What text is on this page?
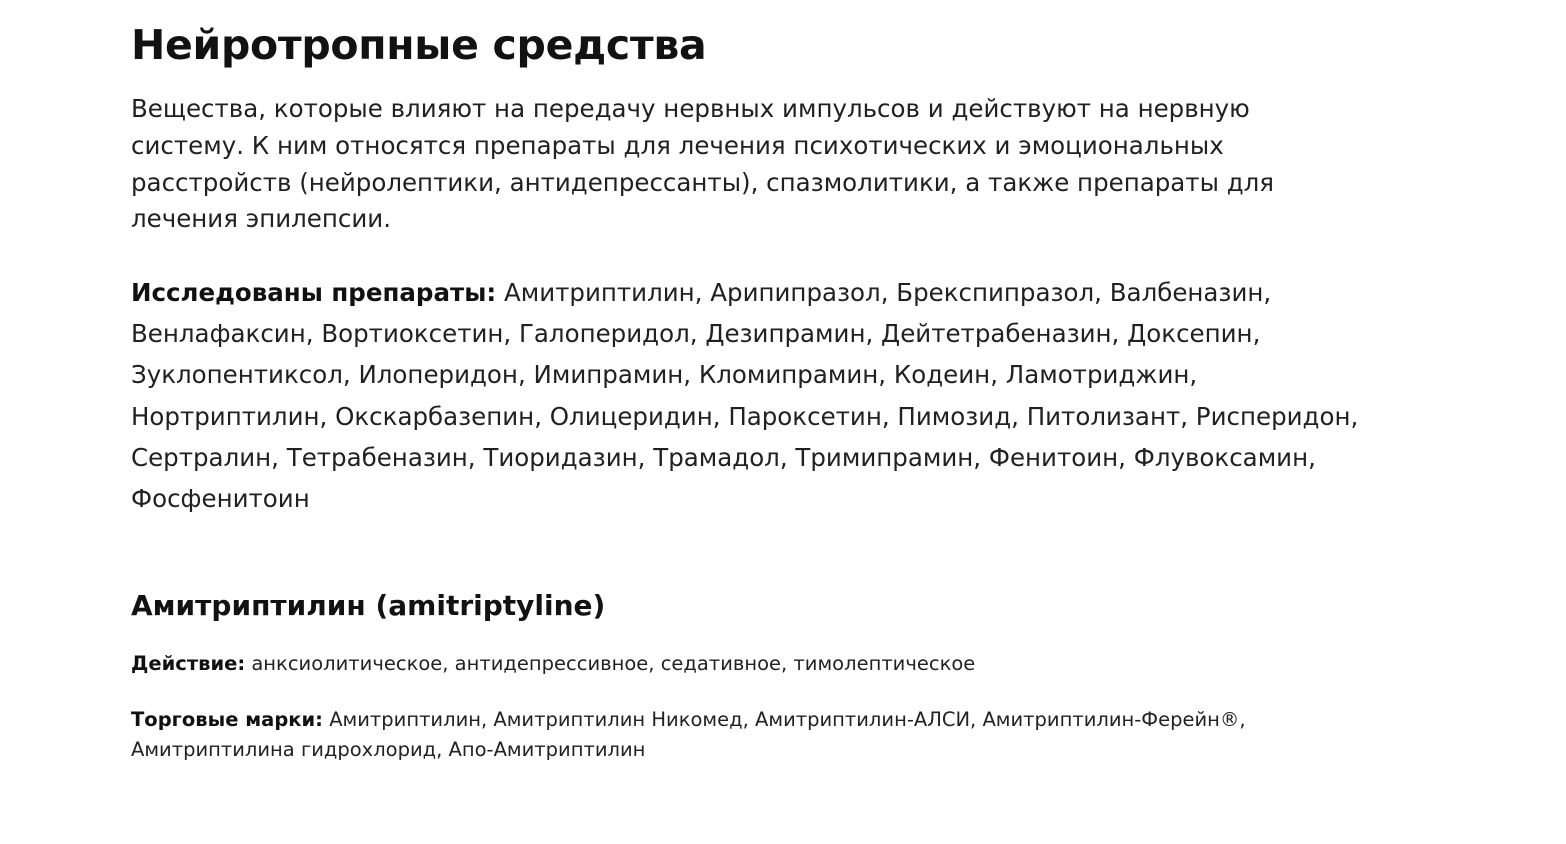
Нейротропные средства

Вещества, которые влияют на передачу нервных импульсов и действуют на нервную систему. К ним относятся препараты для лечения психотических и эмоциональных расстройств (нейролептики, антидепрессанты), спазмолитики, а также препараты для лечения эпилепсии.

Исследованы препараты: Амитриптилин, Арипипразол, Брекспипразол, Валбеназин, Венлафаксин, Вортиоксетин, Галоперидол, Дезипрамин, Дейтетрабеназин, Доксепин, Зуклопентиксол, Илоперидон, Имипрамин, Кломипрамин, Кодеин, Ламотриджин, Нортриптилин, Окскарбазепин, Олицеридин, Пароксетин, Пимозид, Питолизант, Рисперидон, Сертралин, Тетрабеназин, Тиоридазин, Трамадол, Тримипрамин, Фенитоин, Флувоксамин, Фосфенитоин

Амитриптилин (amitriptyline)

Действие: анксиолитическое, антидепрессивное, седативное, тимолептическое

Торговые марки: Амитриптилин, Амитриптилин Никомед, Амитриптилин-АЛСИ, Амитриптилин-Ферейн®, Амитриптилина гидрохлорид, Апо-Амитриптилин
